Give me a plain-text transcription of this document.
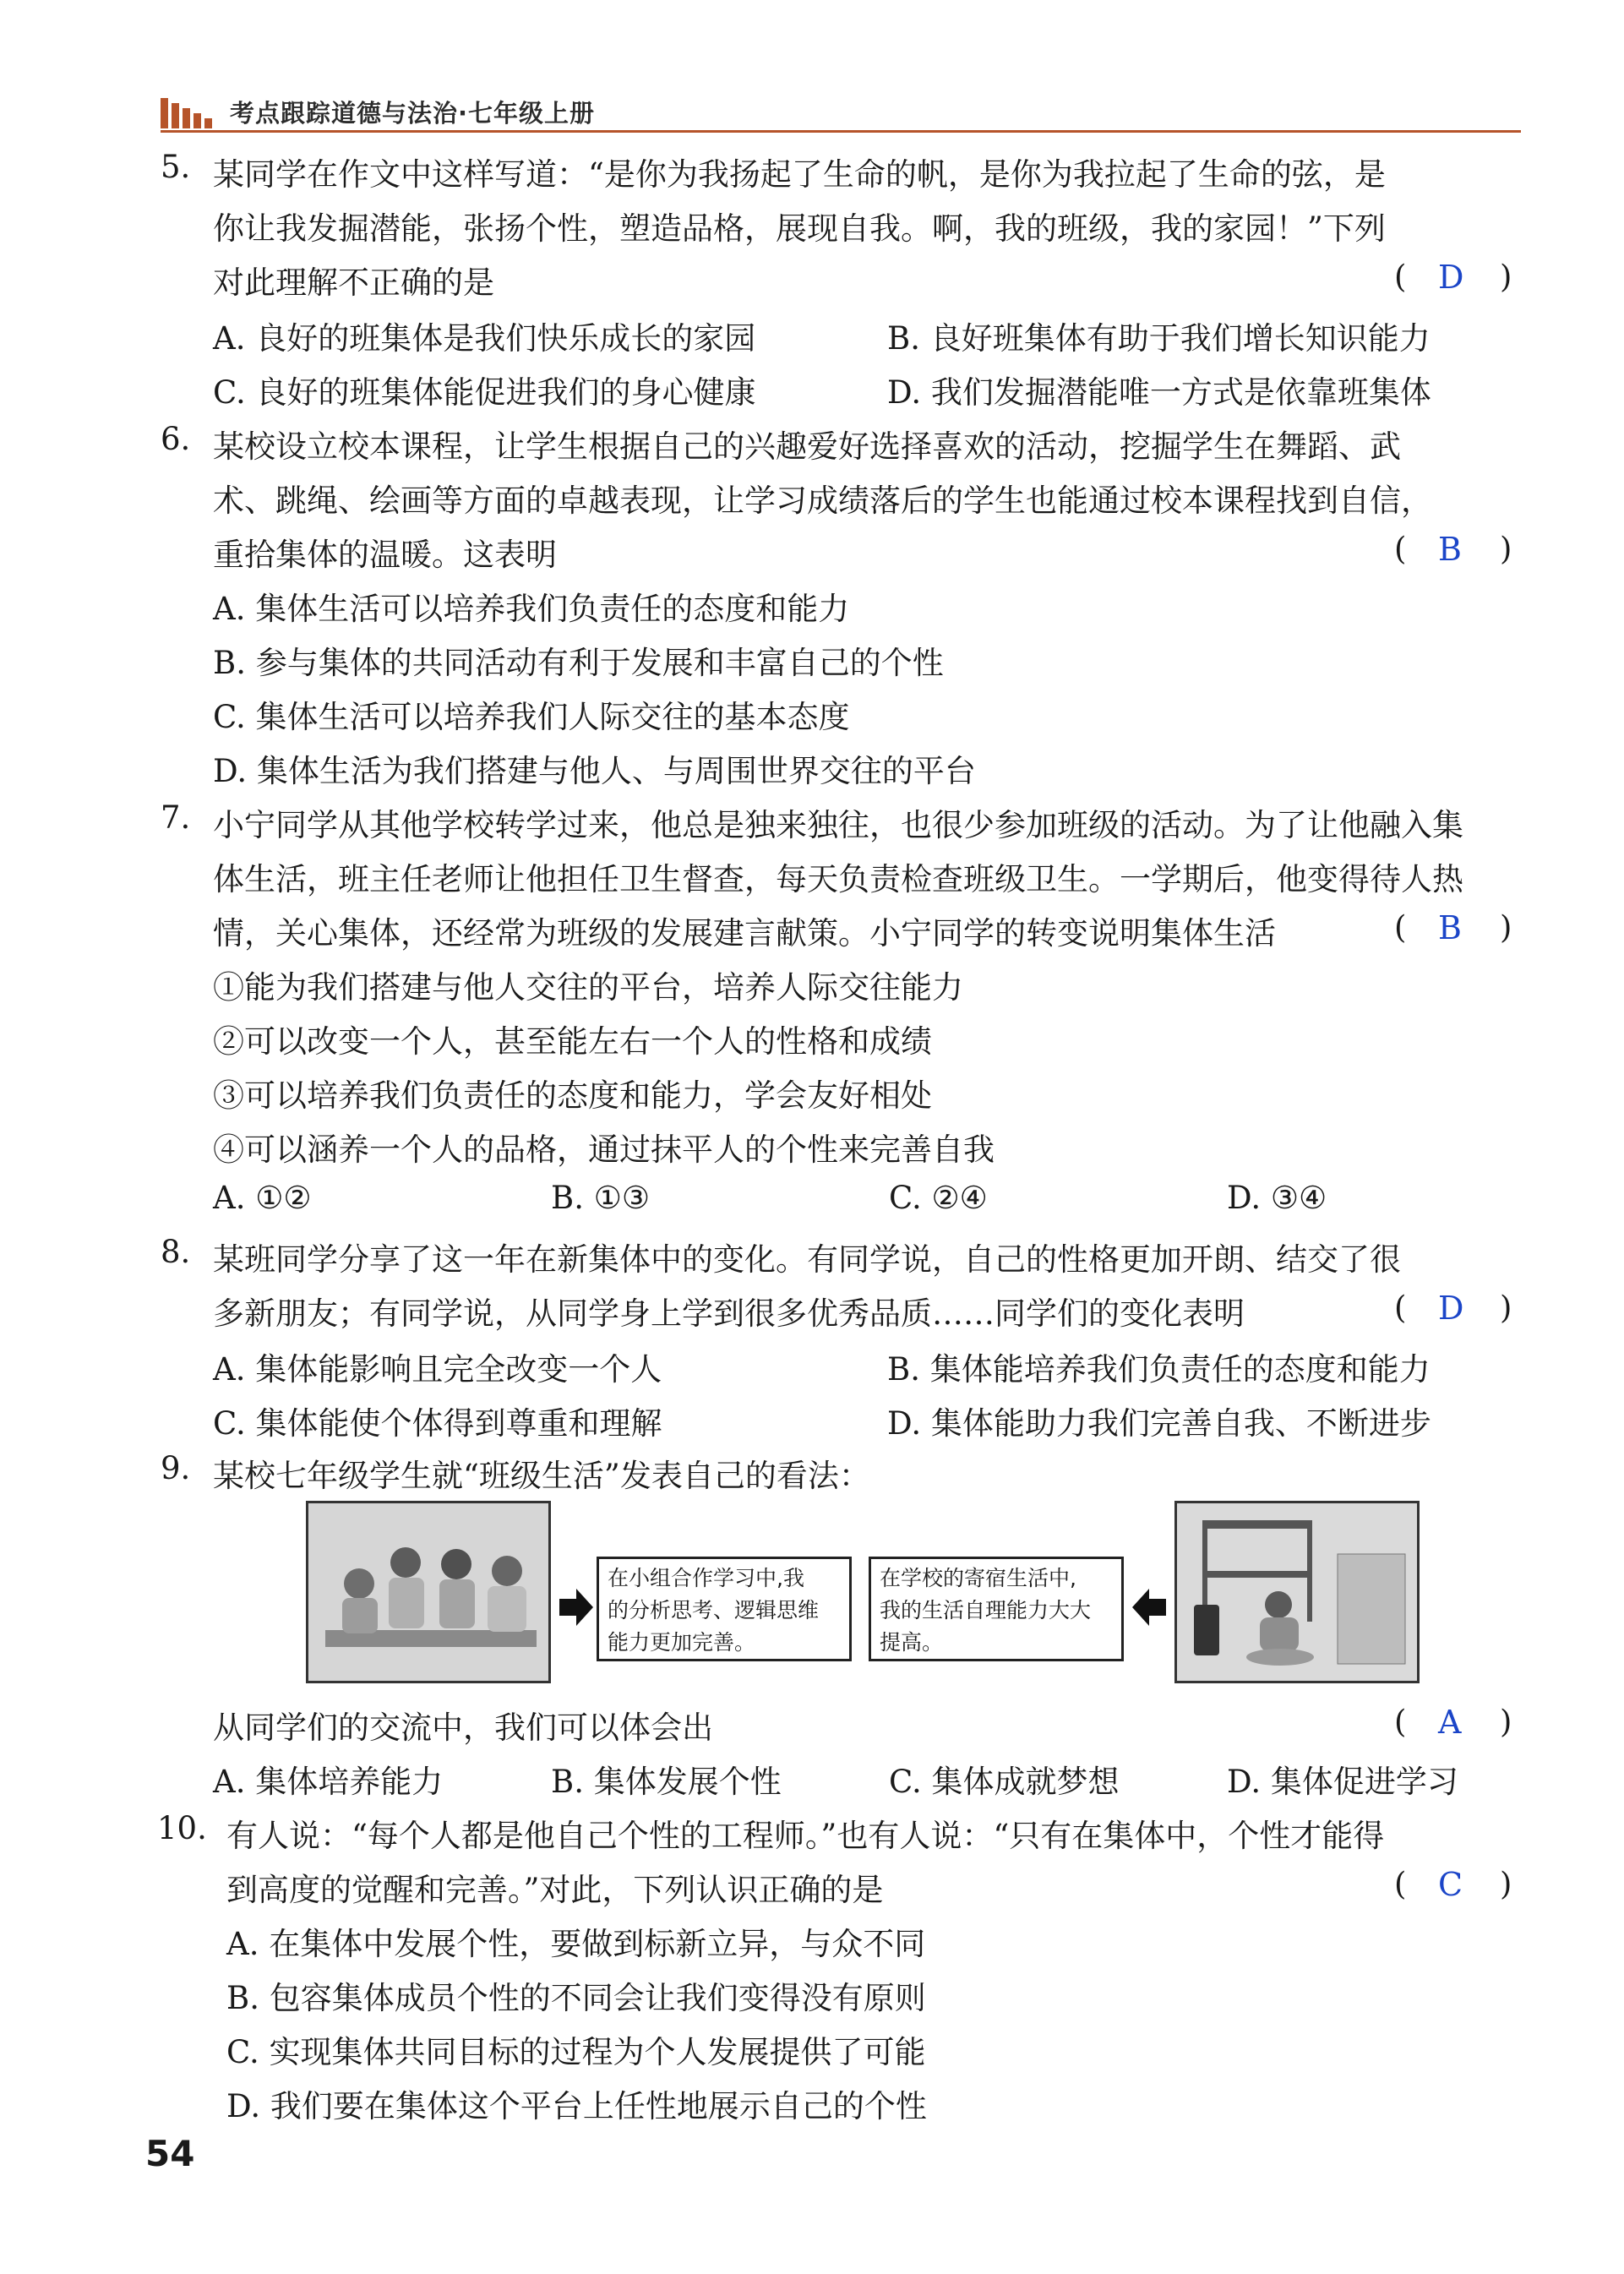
考点跟踪道德与法治·七年级上册
5. 某同学在作文中这样写道：“是你为我扬起了生命的帆，是你为我拉起了生命的弦，是
你让我发掘潜能，张扬个性，塑造品格，展现自我。啊，我的班级，我的家园！”下列
对此理解不正确的是	( D )
A. 良好的班集体是我们快乐成长的家园	B. 良好班集体有助于我们增长知识能力
C. 良好的班集体能促进我们的身心健康	D. 我们发掘潜能唯一方式是依靠班集体
6. 某校设立校本课程，让学生根据自己的兴趣爱好选择喜欢的活动，挖掘学生在舞蹈、武
术、跳绳、绘画等方面的卓越表现，让学习成绩落后的学生也能通过校本课程找到自信，
重拾集体的温暖。这表明	( B )
A. 集体生活可以培养我们负责任的态度和能力
B. 参与集体的共同活动有利于发展和丰富自己的个性
C. 集体生活可以培养我们人际交往的基本态度
D. 集体生活为我们搭建与他人、与周围世界交往的平台
7. 小宁同学从其他学校转学过来，他总是独来独往，也很少参加班级的活动。为了让他融入集
体生活，班主任老师让他担任卫生督查，每天负责检查班级卫生。一学期后，他变得待人热
情，关心集体，还经常为班级的发展建言献策。小宁同学的转变说明集体生活	( B )
①能为我们搭建与他人交往的平台，培养人际交往能力
②可以改变一个人，甚至能左右一个人的性格和成绩
③可以培养我们负责任的态度和能力，学会友好相处
④可以涵养一个人的品格，通过抹平人的个性来完善自我
A. ①②	B. ①③	C. ②④	D. ③④
8. 某班同学分享了这一年在新集体中的变化。有同学说，自己的性格更加开朗、结交了很
多新朋友；有同学说，从同学身上学到很多优秀品质……同学们的变化表明	( D )
A. 集体能影响且完全改变一个人	B. 集体能培养我们负责任的态度和能力
C. 集体能使个体得到尊重和理解	D. 集体能助力我们完善自我、不断进步
9. 某校七年级学生就“班级生活”发表自己的看法：
在小组合作学习中,我
的分析思考、逻辑思维
能力更加完善。
在学校的寄宿生活中,
我的生活自理能力大大
提高。
从同学们的交流中，我们可以体会出	( A )
A. 集体培养能力	B. 集体发展个性	C. 集体成就梦想	D. 集体促进学习
10. 有人说：“每个人都是他自己个性的工程师。”也有人说：“只有在集体中，个性才能得
到高度的觉醒和完善。”对此，下列认识正确的是	( C )
A. 在集体中发展个性，要做到标新立异，与众不同
B. 包容集体成员个性的不同会让我们变得没有原则
C. 实现集体共同目标的过程为个人发展提供了可能
D. 我们要在集体这个平台上任性地展示自己的个性
54
